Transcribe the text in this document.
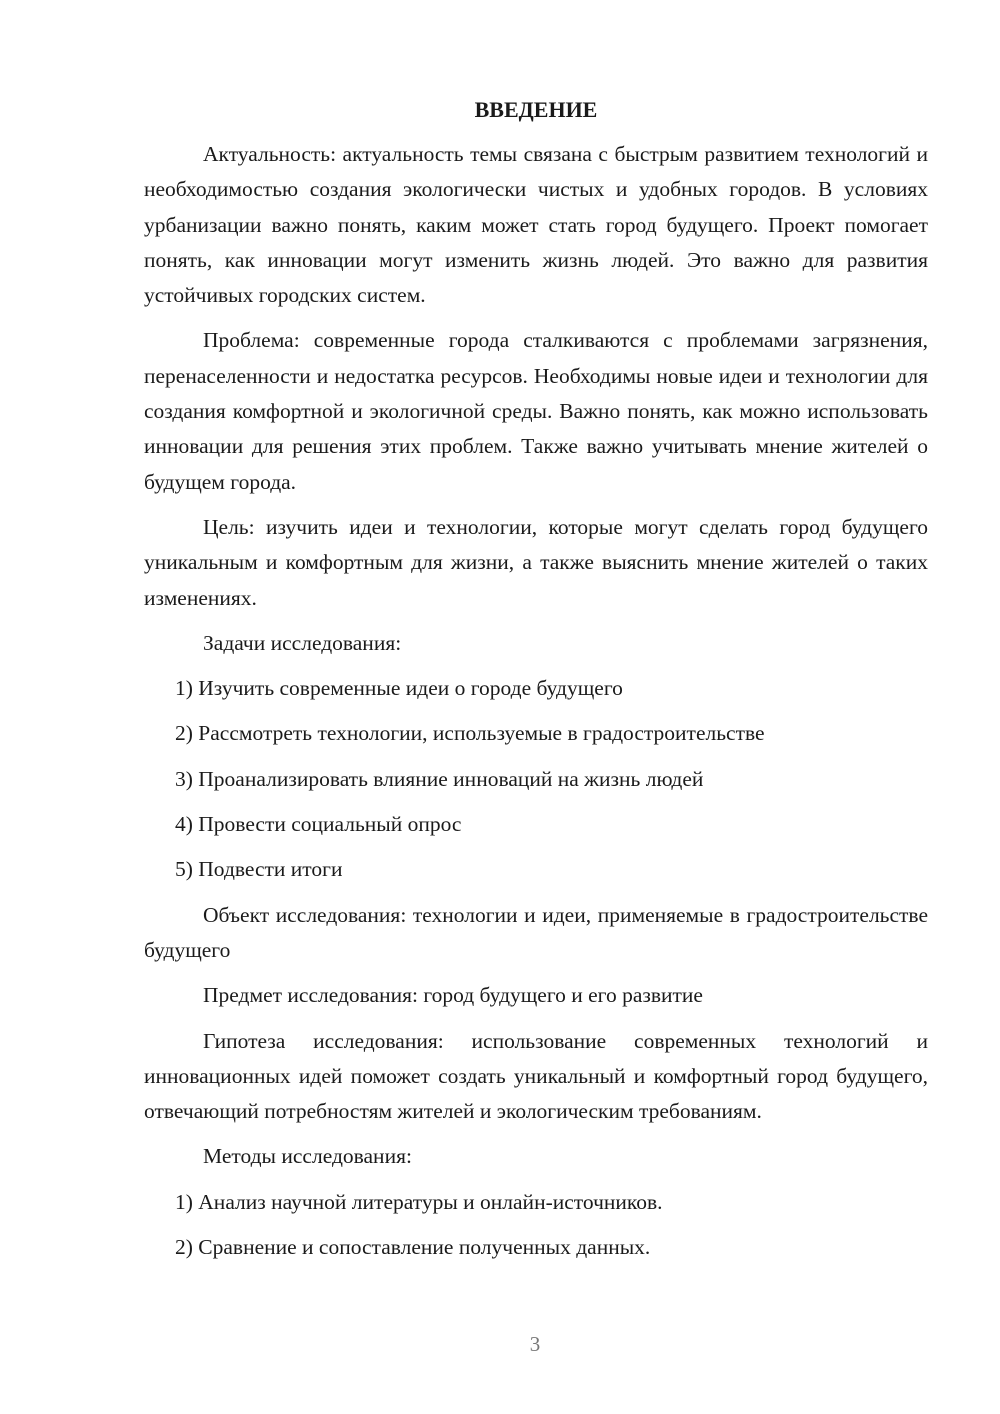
ВВЕДЕНИЕ

Актуальность: актуальность темы связана с быстрым развитием технологий и необходимостью создания экологически чистых и удобных городов. В условиях урбанизации важно понять, каким может стать город будущего. Проект помогает понять, как инновации могут изменить жизнь людей. Это важно для развития устойчивых городских систем.

Проблема: современные города сталкиваются с проблемами загрязнения, перенаселенности и недостатка ресурсов. Необходимы новые идеи и технологии для создания комфортной и экологичной среды. Важно понять, как можно использовать инновации для решения этих проблем. Также важно учитывать мнение жителей о будущем города.

Цель: изучить идеи и технологии, которые могут сделать город будущего уникальным и комфортным для жизни, а также выяснить мнение жителей о таких изменениях.

Задачи исследования:

1) Изучить современные идеи о городе будущего

2) Рассмотреть технологии, используемые в градостроительстве

3) Проанализировать влияние инноваций на жизнь людей

4) Провести социальный опрос

5) Подвести итоги

Объект исследования: технологии и идеи, применяемые в градостроительстве будущего

Предмет исследования: город будущего и его развитие

Гипотеза исследования: использование современных технологий и инновационных идей поможет создать уникальный и комфортный город будущего, отвечающий потребностям жителей и экологическим требованиям.

Методы исследования:

1) Анализ научной литературы и онлайн-источников.

2) Сравнение и сопоставление полученных данных.

3
